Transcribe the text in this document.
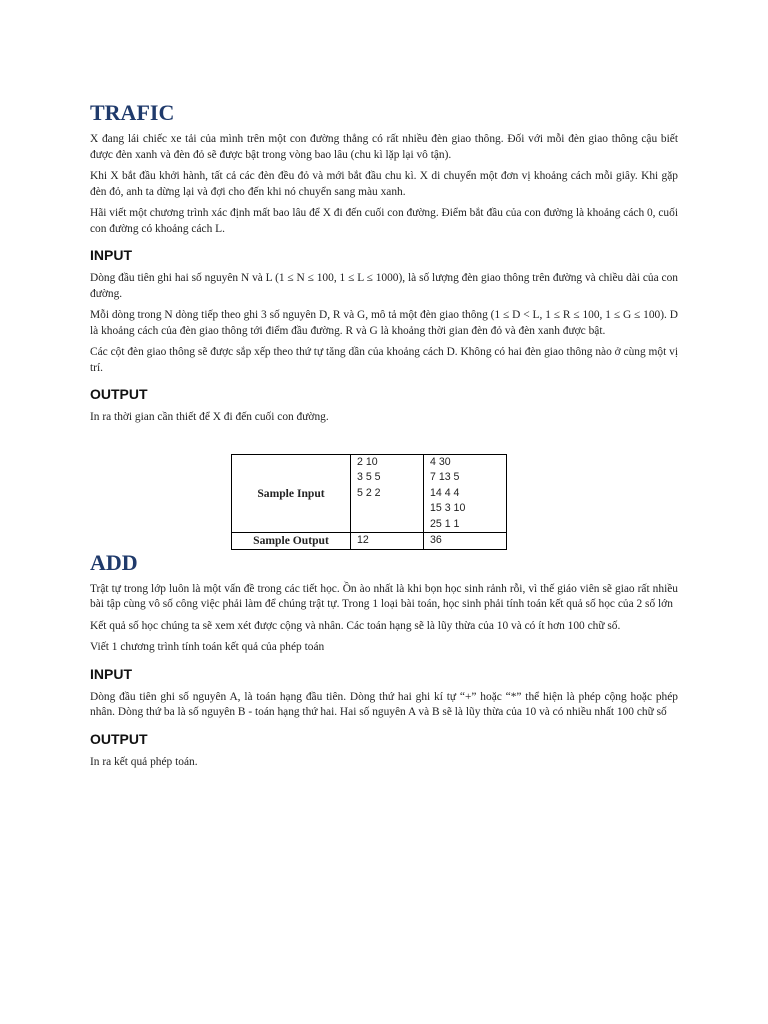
TRAFIC

X đang lái chiếc xe tải của mình trên một con đường thẳng có rất nhiều đèn giao thông. Đối với mỗi đèn giao thông cậu biết được đèn xanh và đèn đỏ sẽ được bật trong vòng bao lâu (chu kì lặp lại vô tận).

Khi X bắt đầu khởi hành, tất cả các đèn đều đỏ và mới bắt đầu chu kì. X di chuyển một đơn vị khoảng cách mỗi giây. Khi gặp đèn đỏ, anh ta dừng lại và đợi cho đến khi nó chuyển sang màu xanh.

Hãi viết một chương trình xác định mất bao lâu để X đi đến cuối con đường. Điểm bắt đầu của con đường là khoảng cách 0, cuối con đường có khoảng cách L.

INPUT

Dòng đầu tiên ghi hai số nguyên N và L (1 ≤ N ≤ 100, 1 ≤ L ≤ 1000), là số lượng đèn giao thông trên đường và chiều dài của con đường.

Mỗi dòng trong N dòng tiếp theo ghi 3 số nguyên D, R và G, mô tả một đèn giao thông (1 ≤ D < L, 1 ≤ R ≤ 100, 1 ≤ G ≤ 100). D là khoảng cách của đèn giao thông tới điểm đầu đường. R và G là khoảng thời gian đèn đỏ và đèn xanh được bật.

Các cột đèn giao thông sẽ được sắp xếp theo thứ tự tăng dần của khoảng cách D. Không có hai đèn giao thông nào ở cùng một vị trí.

OUTPUT

In ra thời gian cần thiết để X đi đến cuối con đường.

Sample Input	2 10
3 5 5
5 2 2	4 30
7 13 5
14 4 4
15 3 10
25 1 1

Sample Output	12	36
ADD

Trật tự trong lớp luôn là một vấn đề trong các tiết học. Ồn ào nhất là khi bọn học sinh rảnh rỗi, vì thế giáo viên sẽ giao rất nhiều bài tập cùng vô số công việc phải làm để chúng trật tự. Trong 1 loại bài toán, học sinh phải tính toán kết quả số học của 2 số lớn

Kết quả số học chúng ta sẽ xem xét được cộng và nhân. Các toán hạng sẽ là lũy thừa của 10 và có ít hơn 100 chữ số.

Viết 1 chương trình tính toán kết quả của phép toán

INPUT

Dòng đầu tiên ghi số nguyên A, là toán hạng đầu tiên. Dòng thứ hai ghi kí tự “+” hoặc “*” thể hiện là phép cộng hoặc phép nhân. Dòng thứ ba là số nguyên B - toán hạng thứ hai. Hai số nguyên A và B sẽ là lũy thừa của 10 và có nhiều nhất 100 chữ số

OUTPUT

In ra kết quả phép toán.
